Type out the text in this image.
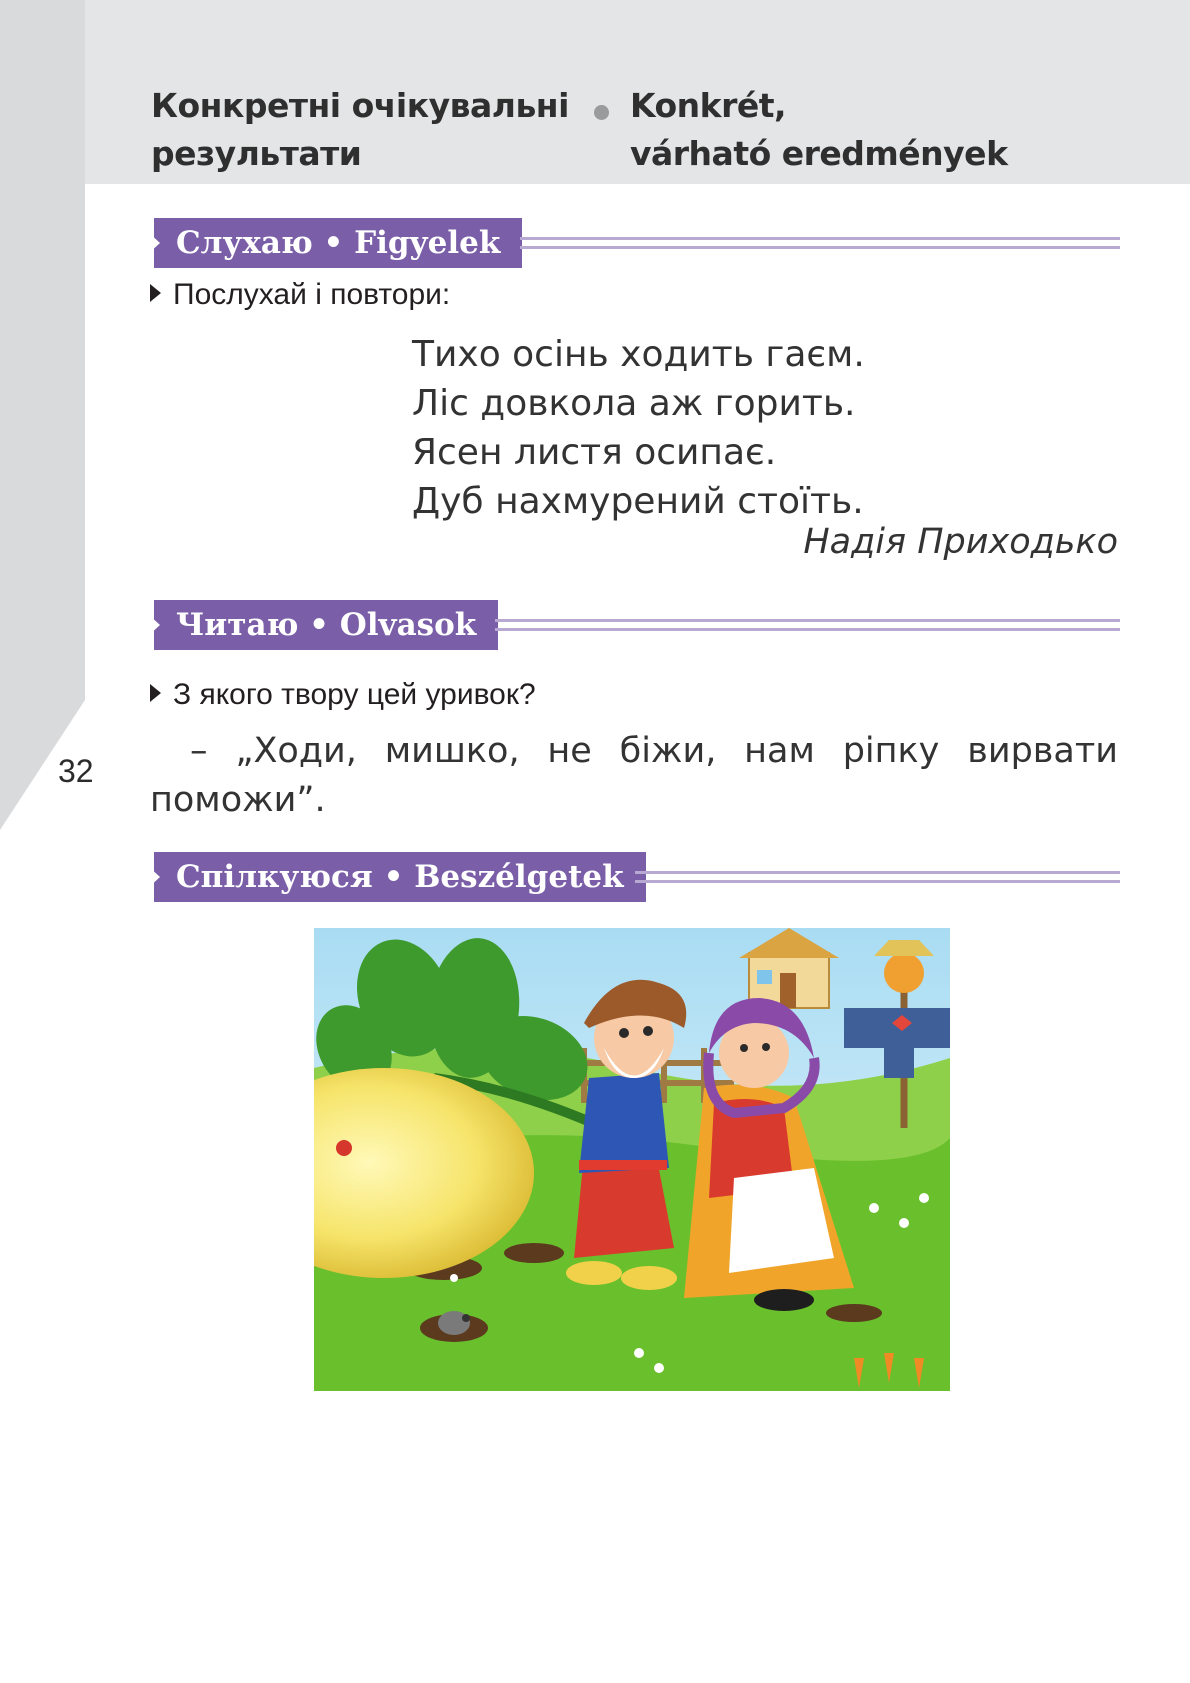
Конкретні очікувальні
результати
Konkrét,
várható eredmények
32
Слухаю • Figyelek
Послухай і повтори:
Тихо осінь ходить гаєм.
Ліс довкола аж горить.
Ясен листя осипає.
Дуб нахмурений стоїть.
Надія Приходько
Читаю • Olvasok
З якого твору цей уривок?
– „Ходи, мишко, не біжи, нам ріпку вирвати поможи”.
Спілкуюся • Beszélgetek
